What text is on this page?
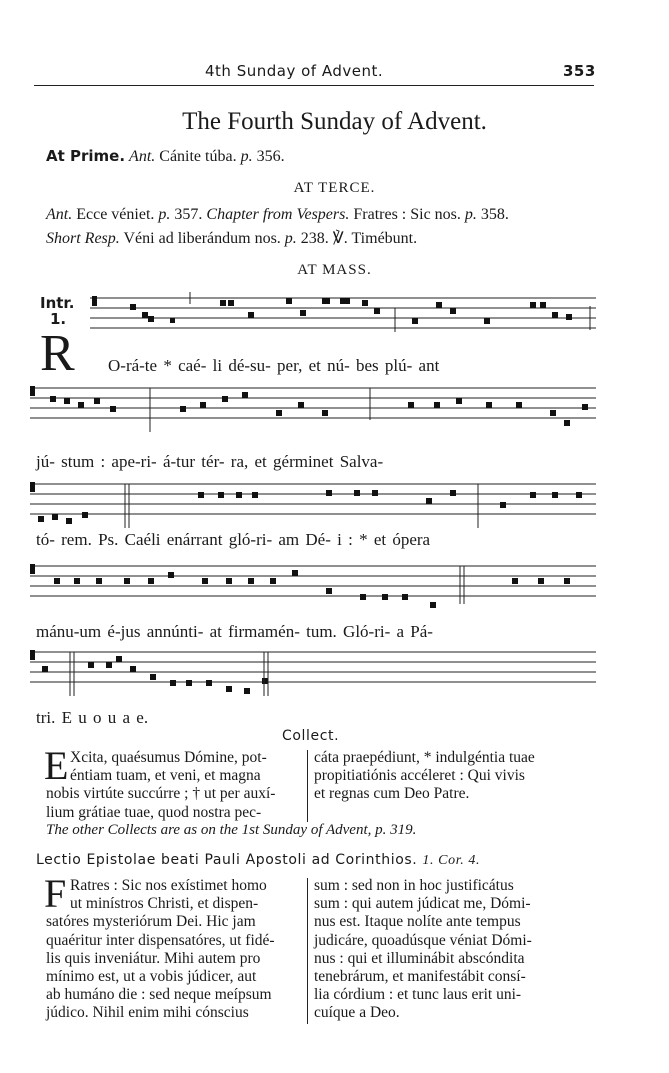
4th Sunday of Advent.	353
The Fourth Sunday of Advent.
At Prime. Ant. Cánite túba. p. 356.
AT TERCE.
Ant. Ecce véniet. p. 357. Chapter from Vespers. Fratres : Sic nos. p. 358.
Short Resp. Véni ad liberándum nos. p. 238. ℣. Timébunt.
AT MASS.
Intr.
1.
R O-rá-te * caé- li dé-su- per, et nú- bes plú- ant
jú- stum : ape-ri- á-tur tér- ra, et gérminet Salva-
tó- rem. Ps. Caéli enárrant gló-ri- am Dé- i : * et ópera
mánu-um é-jus annúnti- at firmamén- tum. Gló-ri- a Pá-
tri. E u o u a e.
Collect.
E Xcita, quaésumus Dómine, pot-
éntiam tuam, et veni, et magna
nobis virtúte succúrre ; † ut per auxí-
lium grátiae tuae, quod nostra pec-
cáta praepédiunt, * indulgéntia tuae
propitiatiónis accéleret : Qui vivis
et regnas cum Deo Patre.
The other Collects are as on the 1st Sunday of Advent, p. 319.
Lectio Epistolae beati Pauli Apostoli ad Corinthios. 1. Cor. 4.
F Ratres : Sic nos exístimet homo
ut minístros Christi, et dispen-
satóres mysteriórum Dei. Hic jam
quaéritur inter dispensatóres, ut fidé-
lis quis inveniátur. Mihi autem pro
mínimo est, ut a vobis júdicer, aut
ab humáno die : sed neque meípsum
júdico. Nihil enim mihi cónscius
sum : sed non in hoc justificátus
sum : qui autem júdicat me, Dómi-
nus est. Itaque nolíte ante tempus
judicáre, quoadúsque véniat Dómi-
nus : qui et illuminábit abscóndita
tenebrárum, et manifestábit consí-
lia córdium : et tunc laus erit uni-
cuíque a Deo.
